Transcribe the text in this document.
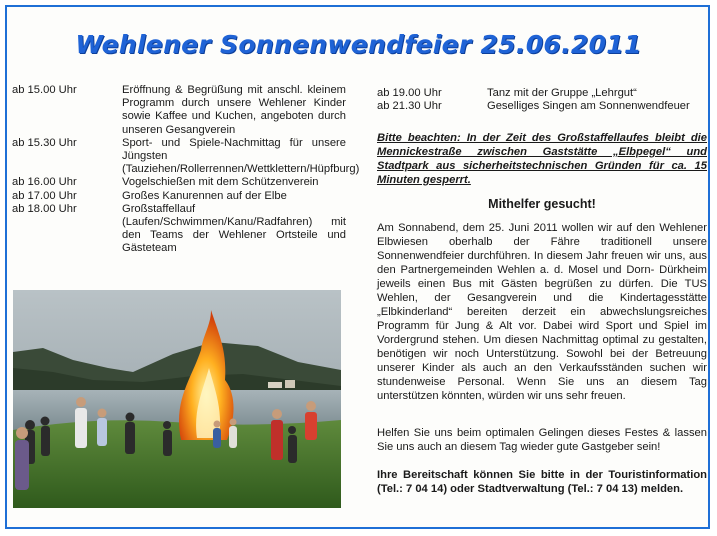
Wehlener Sonnenwendfeier 25.06.2011
ab 15.00 Uhr	Eröffnung & Begrüßung mit anschl. kleinem Programm durch unsere Wehlener Kinder sowie Kaffee und Kuchen, angeboten durch unseren Gesangverein
ab 15.30 Uhr	Sport- und Spiele-Nachmittag für unsere Jüngsten (Tauziehen/Rollerrennen/Wettklettern/Hüpfburg)
ab 16.00 Uhr	Vogelschießen mit dem Schützenverein
ab 17.00 Uhr	Großes Kanurennen auf der Elbe
ab 18.00 Uhr	Großstaffellauf (Laufen/Schwimmen/Kanu/Radfahren) mit den Teams der Wehlener Ortsteile und Gästeteam
ab 19.00 Uhr	Tanz mit der Gruppe „Lehrgut“
ab 21.30 Uhr	Geselliges Singen am Sonnenwendfeuer
Bitte beachten: In der Zeit des Großstaffellaufes bleibt die Mennickestraße zwischen Gaststätte „Elbpegel“ und Stadtpark aus sicherheitstechnischen Gründen für ca. 15 Minuten gesperrt.
Mithelfer gesucht!
Am Sonnabend, dem 25. Juni 2011 wollen wir auf den Wehlener Elbwiesen oberhalb der Fähre traditionell unsere Sonnenwendfeier durchführen. In diesem Jahr freuen wir uns, aus den Partnergemeinden Wehlen a. d. Mosel und Dorn- Dürkheim jeweils einen Bus mit Gästen begrüßen zu dürfen. Die TUS Wehlen, der Gesangverein und die Kindertagesstätte „Elbkinderland“ bereiten derzeit ein abwechslungsreiches Programm für Jung & Alt vor. Dabei wird Sport und Spiel im Vordergrund stehen. Um diesen Nachmittag optimal zu gestalten, benötigen wir noch Unterstützung. Sowohl bei der Betreuung unserer Kinder als auch an den Verkaufsständen suchen wir stundenweise Personal. Wenn Sie uns an diesem Tag unterstützen könnten, würden wir uns sehr freuen.
Helfen Sie uns beim optimalen Gelingen dieses Festes & lassen Sie uns auch an diesem Tag wieder gute Gastgeber sein!
Ihre Bereitschaft können Sie bitte in der Touristinformation (Tel.: 7 04 14) oder Stadtverwaltung (Tel.: 7 04 13) melden.
